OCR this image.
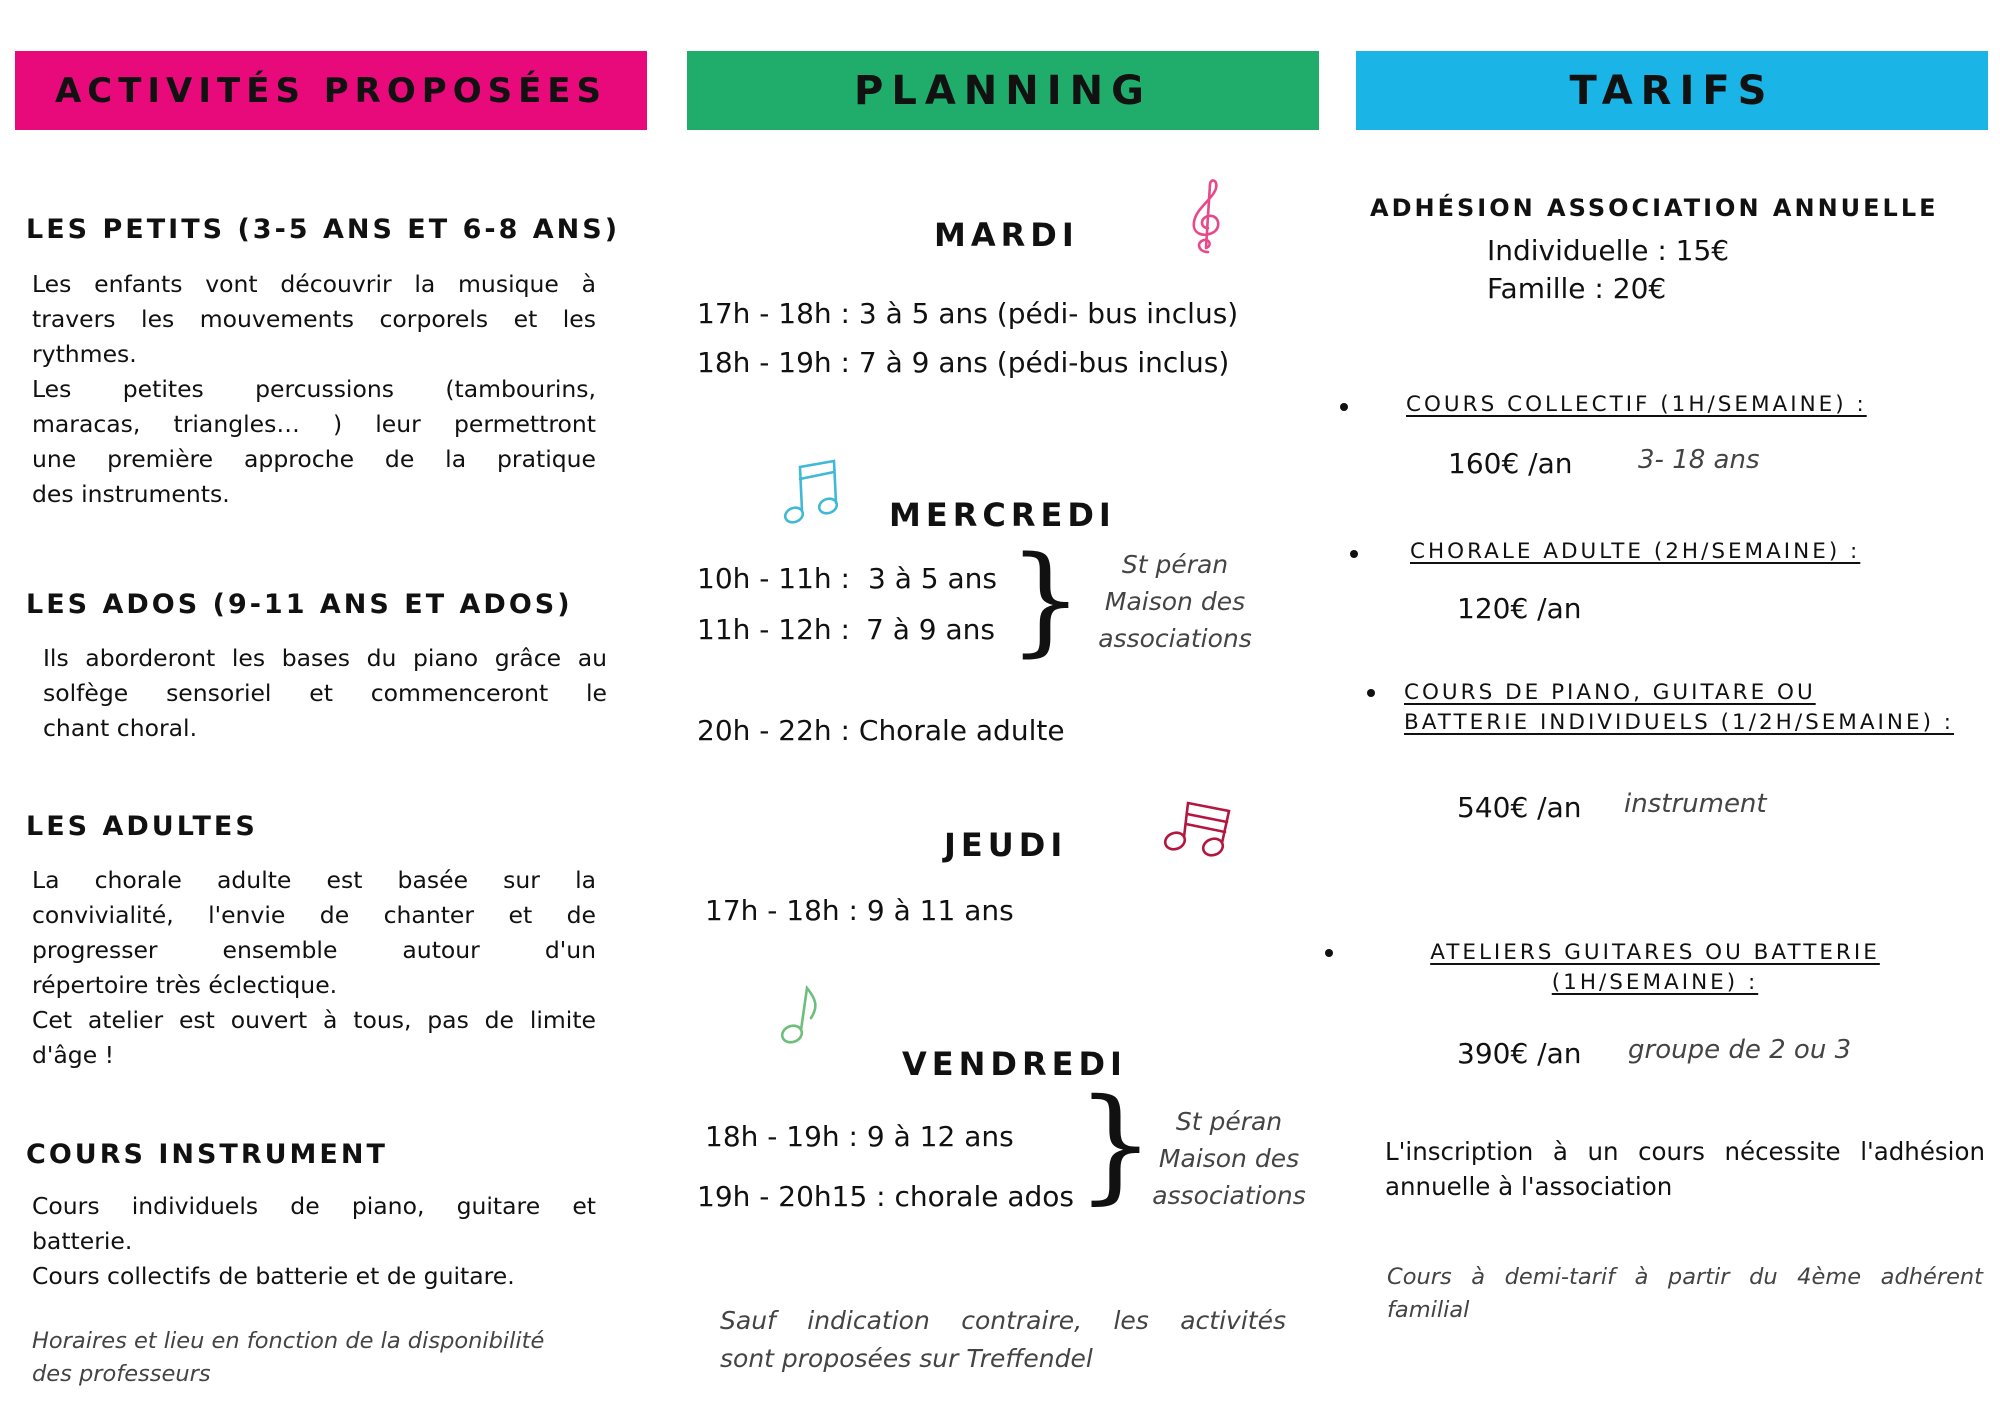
ACTIVITÉS PROPOSÉES	PLANNING	TARIFS
LES PETITS (3-5 ANS ET 6-8 ANS)
Les enfants vont découvrir la musique à
travers les mouvements corporels et les
rythmes.
Les petites percussions (tambourins,
maracas, triangles… ) leur permettront
une première approche de la pratique
des instruments.
LES ADOS (9-11 ANS ET ADOS)
Ils aborderont les bases du piano grâce au
solfège sensoriel et commenceront le
chant choral.
LES ADULTES
La chorale adulte est basée sur la
convivialité, l'envie de chanter et de
progresser ensemble autour d'un
répertoire très éclectique.
Cet atelier est ouvert à tous, pas de limite
d'âge !
COURS INSTRUMENT
Cours individuels de piano, guitare et
batterie.
Cours collectifs de batterie et de guitare.
Horaires et lieu en fonction de la disponibilité
des professeurs
MARDI
17h - 18h : 3 à 5 ans (pédi- bus inclus)
18h - 19h : 7 à 9 ans (pédi-bus inclus)
MERCREDI
10h - 11h : 3 à 5 ans
11h - 12h : 7 à 9 ans }	St péran
Maison des
associations
20h - 22h : Chorale adulte
JEUDI
17h - 18h : 9 à 11 ans
VENDREDI
18h - 19h : 9 à 12 ans
19h - 20h15 : chorale ados } St péran
Maison des
associations
Sauf indication contraire, les activités
sont proposées sur Treffendel
ADHÉSION ASSOCIATION ANNUELLE
Individuelle : 15€
Famille : 20€
COURS COLLECTIF (1H/SEMAINE) :
160€ /an	3- 18 ans
CHORALE ADULTE (2H/SEMAINE) :
120€ /an
COURS DE PIANO, GUITARE OU
BATTERIE INDIVIDUELS (1/2H/SEMAINE) :
540€ /an instrument
ATELIERS GUITARES OU BATTERIE
(1H/SEMAINE) :
390€ /an groupe de 2 ou 3
L'inscription à un cours nécessite l'adhésion
annuelle à l'association
Cours à demi-tarif à partir du 4ème adhérent
familial
